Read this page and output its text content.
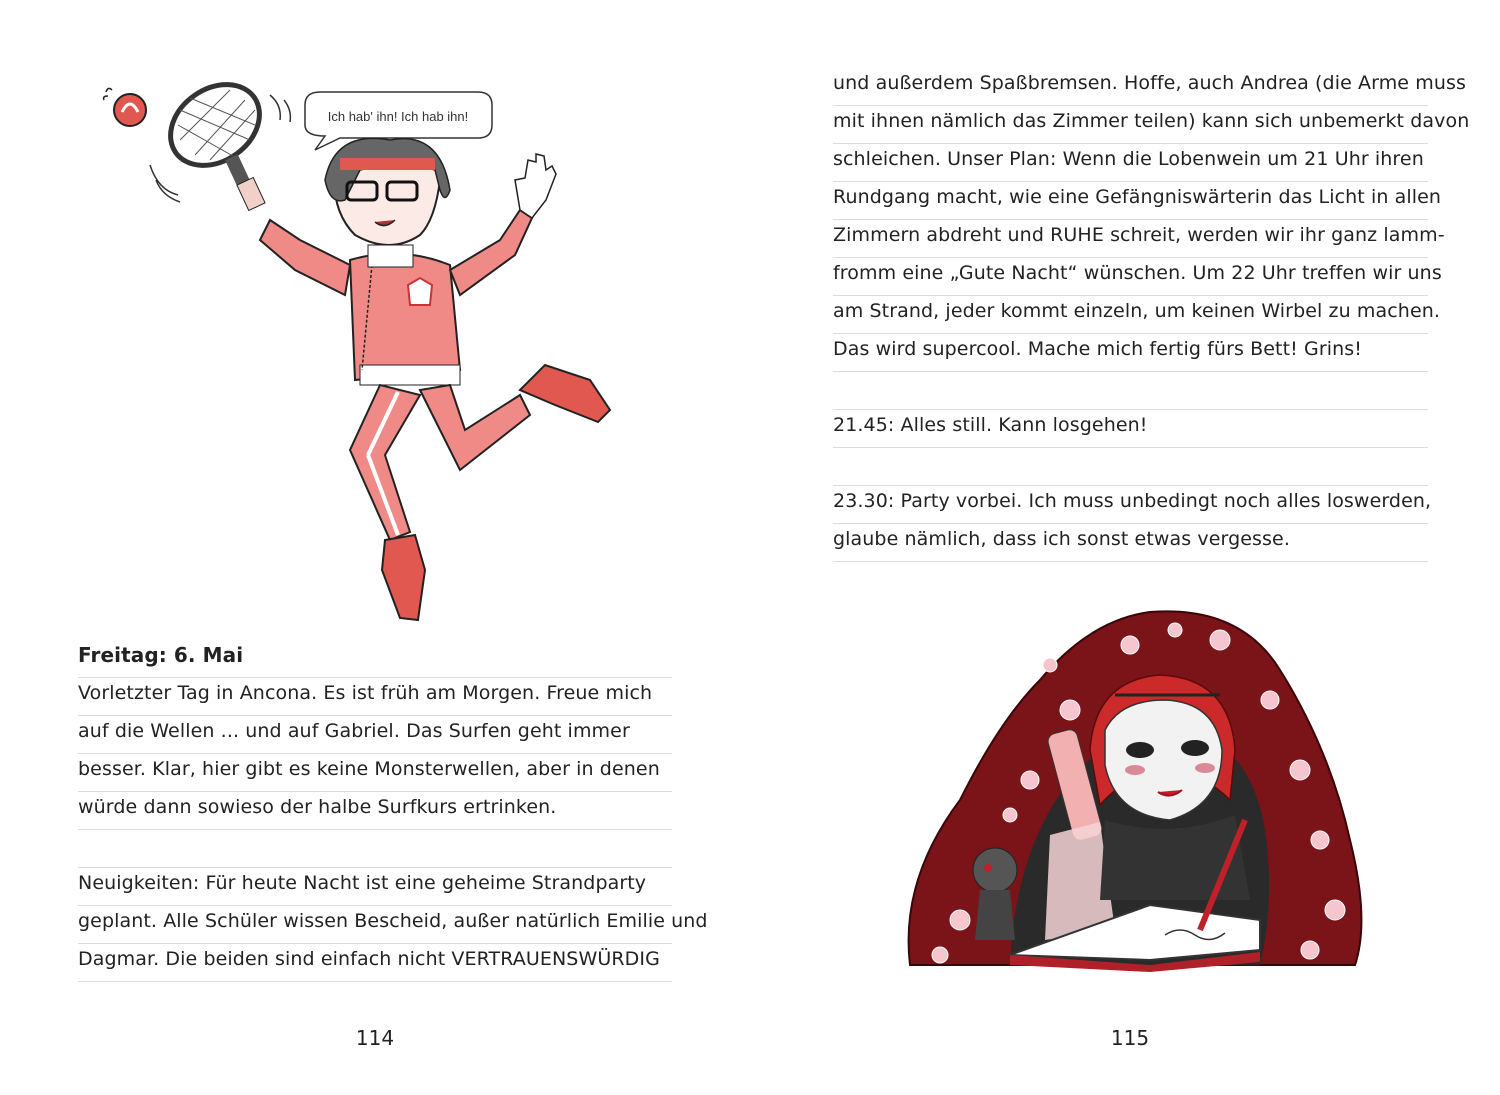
Ich hab' ihn! Ich hab ihn!
Freitag: 6. Mai
Vorletzter Tag in Ancona. Es ist früh am Morgen. Freue mich
auf die Wellen ... und auf Gabriel. Das Surfen geht immer
besser. Klar, hier gibt es keine Monsterwellen, aber in denen
würde dann sowieso der halbe Surfkurs ertrinken.
Neuigkeiten: Für heute Nacht ist eine geheime Strandparty
geplant. Alle Schüler wissen Bescheid, außer natürlich Emilie und
Dagmar. Die beiden sind einfach nicht VERTRAUENSWÜRDIG
114
und außerdem Spaßbremsen. Hoffe, auch Andrea (die Arme muss
mit ihnen nämlich das Zimmer teilen) kann sich unbemerkt davon
schleichen. Unser Plan: Wenn die Lobenwein um 21 Uhr ihren
Rundgang macht, wie eine Gefängniswärterin das Licht in allen
Zimmern abdreht und RUHE schreit, werden wir ihr ganz lamm-
fromm eine „Gute Nacht“ wünschen. Um 22 Uhr treffen wir uns
am Strand, jeder kommt einzeln, um keinen Wirbel zu machen.
Das wird supercool. Mache mich fertig fürs Bett! Grins!
21.45: Alles still. Kann losgehen!
23.30: Party vorbei. Ich muss unbedingt noch alles loswerden,
glaube nämlich, dass ich sonst etwas vergesse.
115
